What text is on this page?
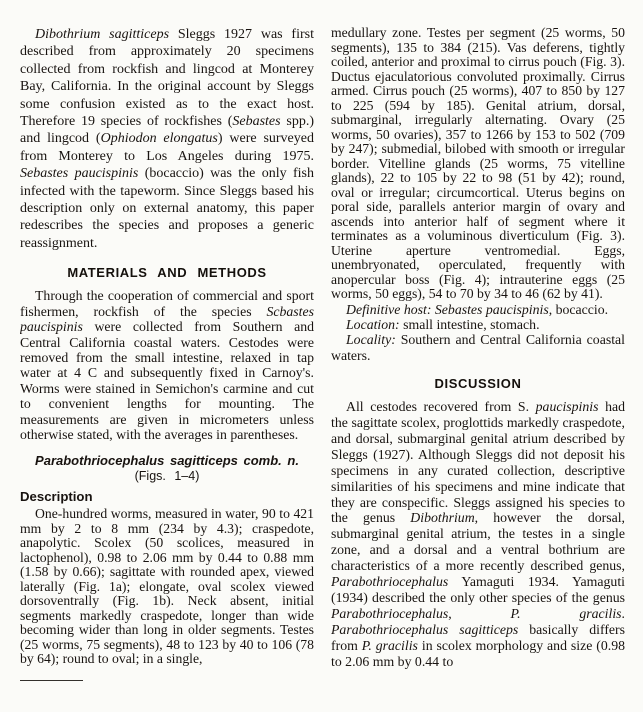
Dibothrium sagitticeps Sleggs 1927 was first described from approximately 20 specimens collected from rockfish and lingcod at Monterey Bay, California. In the original account by Sleggs some confusion existed as to the exact host. Therefore 19 species of rockfishes (Sebastes spp.) and lingcod (Ophiodon elongatus) were surveyed from Monterey to Los Angeles during 1975. Sebastes paucispinis (bocaccio) was the only fish infected with the tapeworm. Since Sleggs based his description only on external anatomy, this paper redescribes the species and proposes a generic reassignment.

MATERIALS AND METHODS

Through the cooperation of commercial and sport fishermen, rockfish of the species Scbastes paucispinis were collected from Southern and Central California coastal waters. Cestodes were removed from the small intestine, relaxed in tap water at 4 C and subsequently fixed in Carnoy's. Worms were stained in Semichon's carmine and cut to convenient lengths for mounting. The measurements are given in micrometers unless otherwise stated, with the averages in parentheses.

Parabothriocephalus sagitticeps comb. n.
(Figs. 1–4)
Description

One-hundred worms, measured in water, 90 to 421 mm by 2 to 8 mm (234 by 4.3); craspedote, anapolytic. Scolex (50 scolices, measured in lactophenol), 0.98 to 2.06 mm by 0.44 to 0.88 mm (1.58 by 0.66); sagittate with rounded apex, viewed laterally (Fig. 1a); elongate, oval scolex viewed dorsoventrally (Fig. 1b). Neck absent, initial segments markedly craspedote, longer than wide becoming wider than long in older segments. Testes (25 worms, 75 segments), 48 to 123 by 40 to 106 (78 by 64); round to oval; in a single,

medullary zone. Testes per segment (25 worms, 50 segments), 135 to 384 (215). Vas deferens, tightly coiled, anterior and proximal to cirrus pouch (Fig. 3). Ductus ejaculatorious convoluted proximally. Cirrus armed. Cirrus pouch (25 worms), 407 to 850 by 127 to 225 (594 by 185). Genital atrium, dorsal, submarginal, irregularly alternating. Ovary (25 worms, 50 ovaries), 357 to 1266 by 153 to 502 (709 by 247); submedial, bilobed with smooth or irregular border. Vitelline glands (25 worms, 75 vitelline glands), 22 to 105 by 22 to 98 (51 by 42); round, oval or irregular; circumcortical. Uterus begins on poral side, parallels anterior margin of ovary and ascends into anterior half of segment where it terminates as a voluminous diverticulum (Fig. 3). Uterine aperture ventromedial. Eggs, unembryonated, operculated, frequently with anopercular boss (Fig. 4); intrauterine eggs (25 worms, 50 eggs), 54 to 70 by 34 to 46 (62 by 41).

Definitive host: Sebastes paucispinis, bocaccio.

Location: small intestine, stomach.

Locality: Southern and Central California coastal waters.

DISCUSSION

All cestodes recovered from S. paucispinis had the sagittate scolex, proglottids markedly craspedote, and dorsal, submarginal genital atrium described by Sleggs (1927). Although Sleggs did not deposit his specimens in any curated collection, descriptive similarities of his specimens and mine indicate that they are conspecific. Sleggs assigned his species to the genus Dibothrium, however the dorsal, submarginal genital atrium, the testes in a single zone, and a dorsal and a ventral bothrium are characteristics of a more recently described genus, Parabothriocephalus Yamaguti 1934. Yamaguti (1934) described the only other species of the genus Parabothriocephalus, P. gracilis. Parabothriocephalus sagitticeps basically differs from P. gracilis in scolex morphology and size (0.98 to 2.06 mm by 0.44 to
